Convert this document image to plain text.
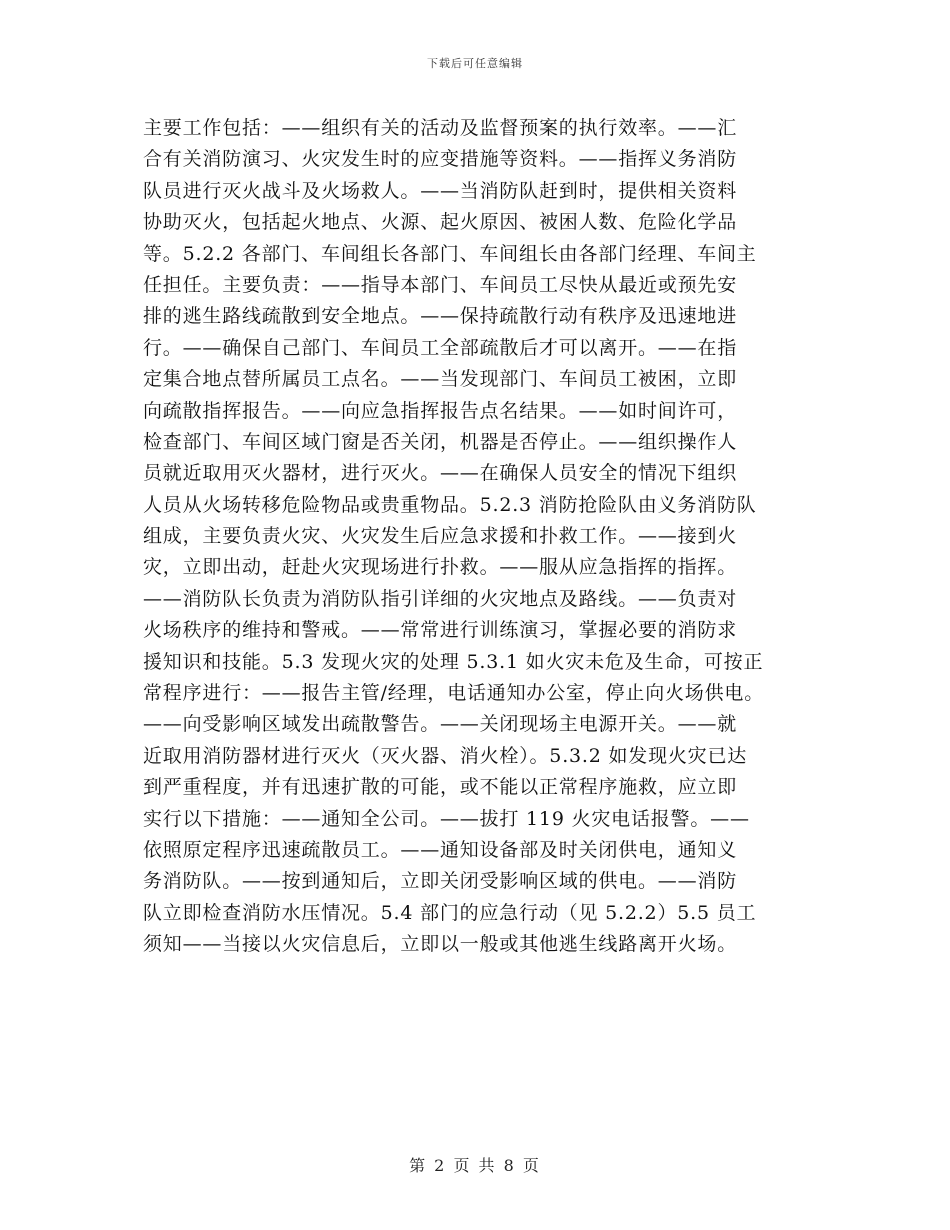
下载后可任意编辑
主要工作包括：——组织有关的活动及监督预案的执行效率。——汇
合有关消防演习、火灾发生时的应变措施等资料。——指挥义务消防
队员进行灭火战斗及火场救人。——当消防队赶到时，提供相关资料
协助灭火，包括起火地点、火源、起火原因、被困人数、危险化学品
等。5.2.2 各部门、车间组长各部门、车间组长由各部门经理、车间主
任担任。主要负责：——指导本部门、车间员工尽快从最近或预先安
排的逃生路线疏散到安全地点。——保持疏散行动有秩序及迅速地进
行。——确保自己部门、车间员工全部疏散后才可以离开。——在指
定集合地点替所属员工点名。——当发现部门、车间员工被困，立即
向疏散指挥报告。——向应急指挥报告点名结果。——如时间许可，
检查部门、车间区域门窗是否关闭，机器是否停止。——组织操作人
员就近取用灭火器材，进行灭火。——在确保人员安全的情况下组织
人员从火场转移危险物品或贵重物品。5.2.3 消防抢险队由义务消防队
组成，主要负责火灾、火灾发生后应急求援和扑救工作。——接到火
灾，立即出动，赶赴火灾现场进行扑救。——服从应急指挥的指挥。
——消防队长负责为消防队指引详细的火灾地点及路线。——负责对
火场秩序的维持和警戒。——常常进行训练演习，掌握必要的消防求
援知识和技能。5.3 发现火灾的处理 5.3.1 如火灾未危及生命，可按正
常程序进行：——报告主管/经理，电话通知办公室，停止向火场供电。
——向受影响区域发出疏散警告。——关闭现场主电源开关。——就
近取用消防器材进行灭火（灭火器、消火栓）。5.3.2 如发现火灾已达
到严重程度，并有迅速扩散的可能，或不能以正常程序施救，应立即
实行以下措施：——通知全公司。——拔打 119 火灾电话报警。——
依照原定程序迅速疏散员工。——通知设备部及时关闭供电，通知义
务消防队。——按到通知后，立即关闭受影响区域的供电。——消防
队立即检查消防水压情况。5.4 部门的应急行动（见 5.2.2）5.5 员工
须知——当接以火灾信息后，立即以一般或其他逃生线路离开火场。
第 2 页 共 8 页
